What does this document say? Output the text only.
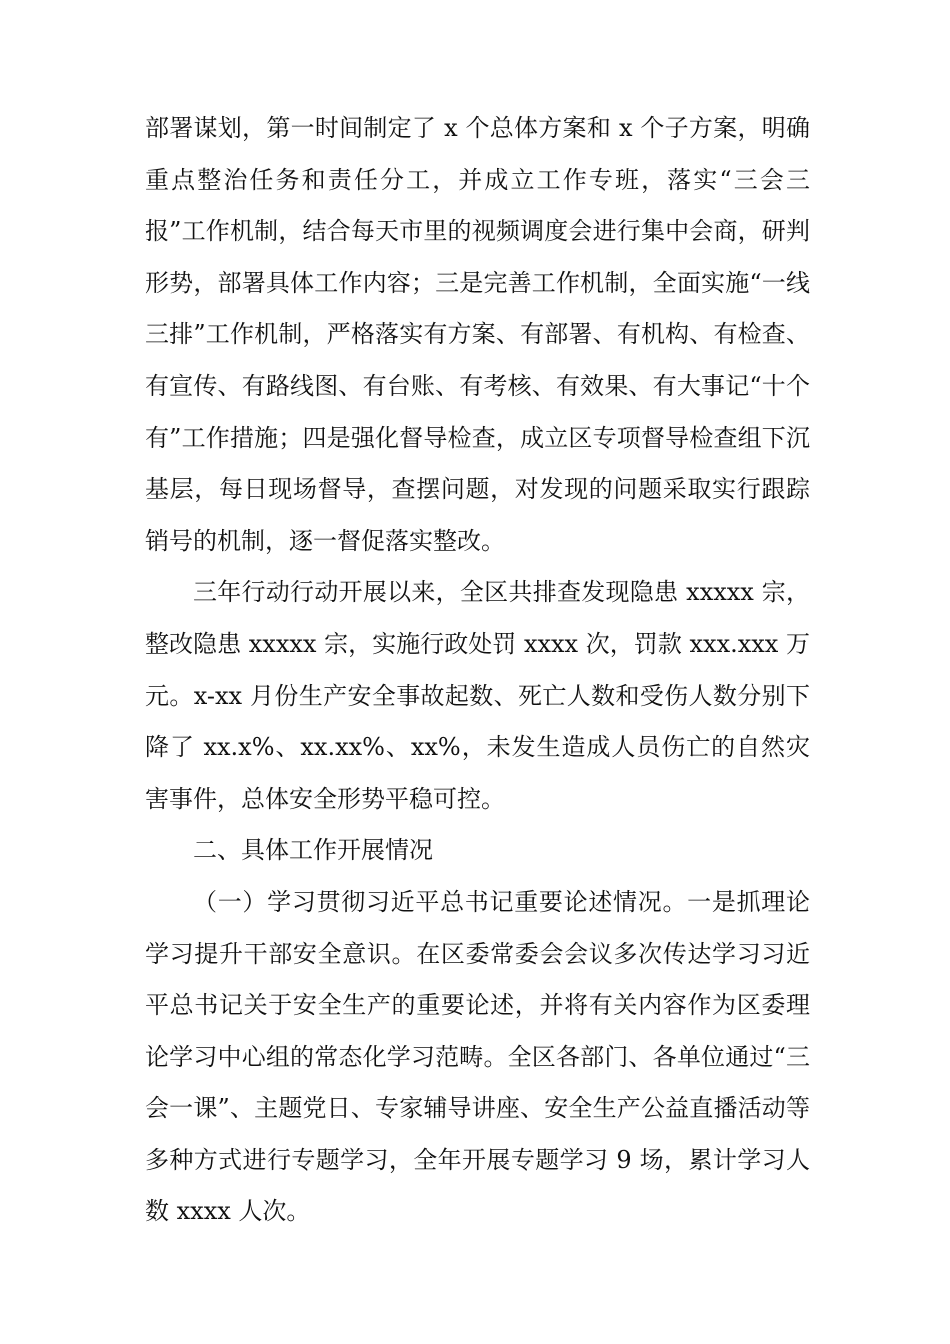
部署谋划，第一时间制定了 x 个总体方案和 x 个子方案，明确重点整治任务和责任分工，并成立工作专班，落实“三会三报”工作机制，结合每天市里的视频调度会进行集中会商，研判形势，部署具体工作内容；三是完善工作机制，全面实施“一线三排”工作机制，严格落实有方案、有部署、有机构、有检查、有宣传、有路线图、有台账、有考核、有效果、有大事记“十个有”工作措施；四是强化督导检查，成立区专项督导检查组下沉基层，每日现场督导，查摆问题，对发现的问题采取实行跟踪销号的机制，逐一督促落实整改。

三年行动行动开展以来，全区共排查发现隐患 xxxxx 宗，整改隐患 xxxxx 宗，实施行政处罚 xxxx 次，罚款 xxx.xxx 万元。x-xx 月份生产安全事故起数、死亡人数和受伤人数分别下降了 xx.x%、xx.xx%、xx%，未发生造成人员伤亡的自然灾害事件，总体安全形势平稳可控。

二、具体工作开展情况

（一）学习贯彻习近平总书记重要论述情况。一是抓理论学习提升干部安全意识。在区委常委会会议多次传达学习习近平总书记关于安全生产的重要论述，并将有关内容作为区委理论学习中心组的常态化学习范畴。全区各部门、各单位通过“三会一课”、主题党日、专家辅导讲座、安全生产公益直播活动等多种方式进行专题学习，全年开展专题学习 9 场，累计学习人数 xxxx 人次。
